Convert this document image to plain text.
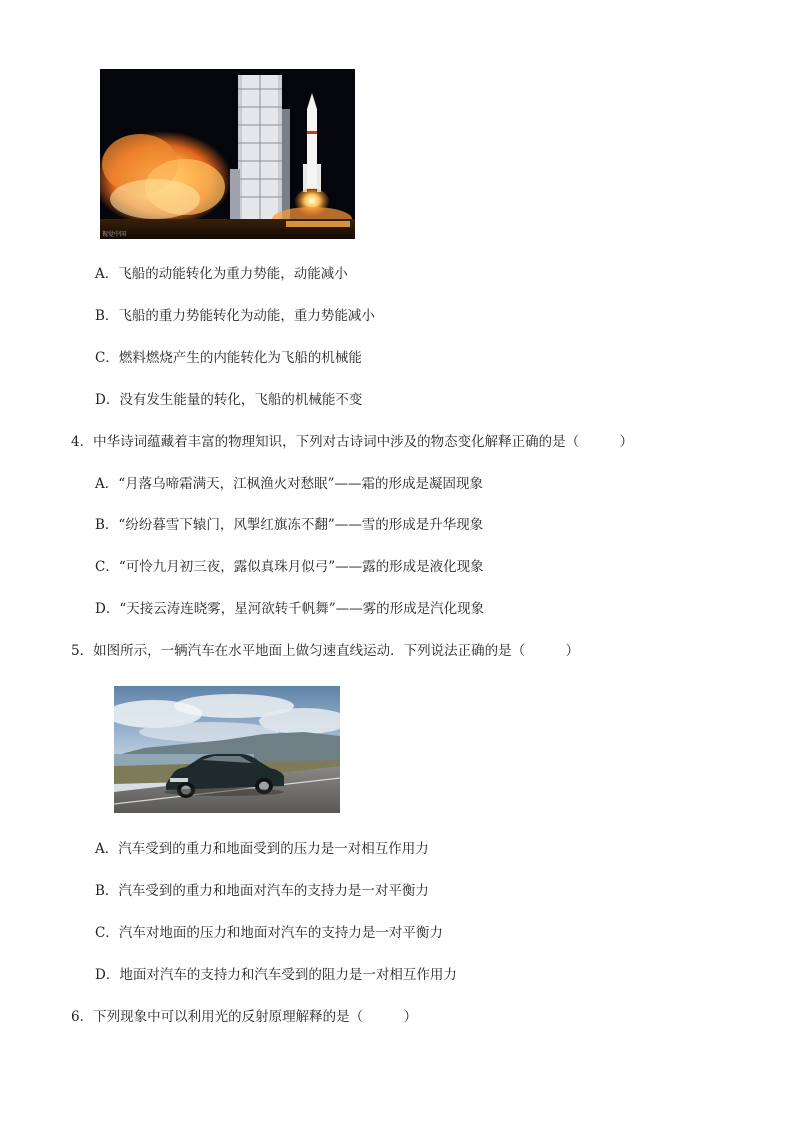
视觉中国
A．飞船的动能转化为重力势能，动能减小
B．飞船的重力势能转化为动能，重力势能减小
C．燃料燃烧产生的内能转化为飞船的机械能
D．没有发生能量的转化，飞船的机械能不变
4．中华诗词蕴藏着丰富的物理知识，下列对古诗词中涉及的物态变化解释正确的是（　　　）
A．“月落乌啼霜满天，江枫渔火对愁眠”——霜的形成是凝固现象
B．“纷纷暮雪下辕门，风掣红旗冻不翻”——雪的形成是升华现象
C．“可怜九月初三夜，露似真珠月似弓”——露的形成是液化现象
D．“天接云涛连晓雾，星河欲转千帆舞”——雾的形成是汽化现象
5．如图所示，一辆汽车在水平地面上做匀速直线运动．下列说法正确的是（　　　）
A．汽车受到的重力和地面受到的压力是一对相互作用力
B．汽车受到的重力和地面对汽车的支持力是一对平衡力
C．汽车对地面的压力和地面对汽车的支持力是一对平衡力
D．地面对汽车的支持力和汽车受到的阻力是一对相互作用力
6．下列现象中可以利用光的反射原理解释的是（　　　）
